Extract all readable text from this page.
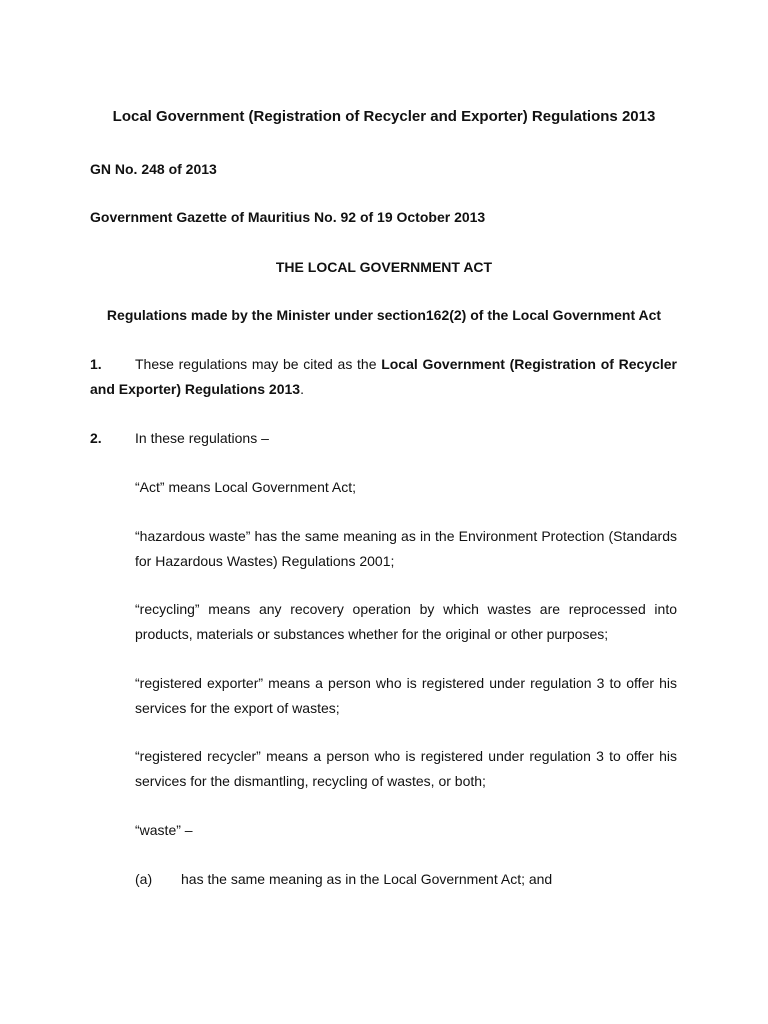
Local Government (Registration of Recycler and Exporter) Regulations 2013
GN No. 248 of 2013
Government Gazette of Mauritius No. 92 of 19 October 2013
THE LOCAL GOVERNMENT ACT
Regulations made by the Minister under section162(2) of the Local Government Act
1. These regulations may be cited as the Local Government (Registration of Recycler
and Exporter) Regulations 2013.
2. In these regulations –
“Act” means Local Government Act;
“hazardous waste” has the same meaning as in the Environment Protection (Standards
for Hazardous Wastes) Regulations 2001;
“recycling” means any recovery operation by which wastes are reprocessed into
products, materials or substances whether for the original or other purposes;
“registered exporter” means a person who is registered under regulation 3 to offer his
services for the export of wastes;
“registered recycler” means a person who is registered under regulation 3 to offer his
services for the dismantling, recycling of wastes, or both;
“waste” –
(a) has the same meaning as in the Local Government Act; and
